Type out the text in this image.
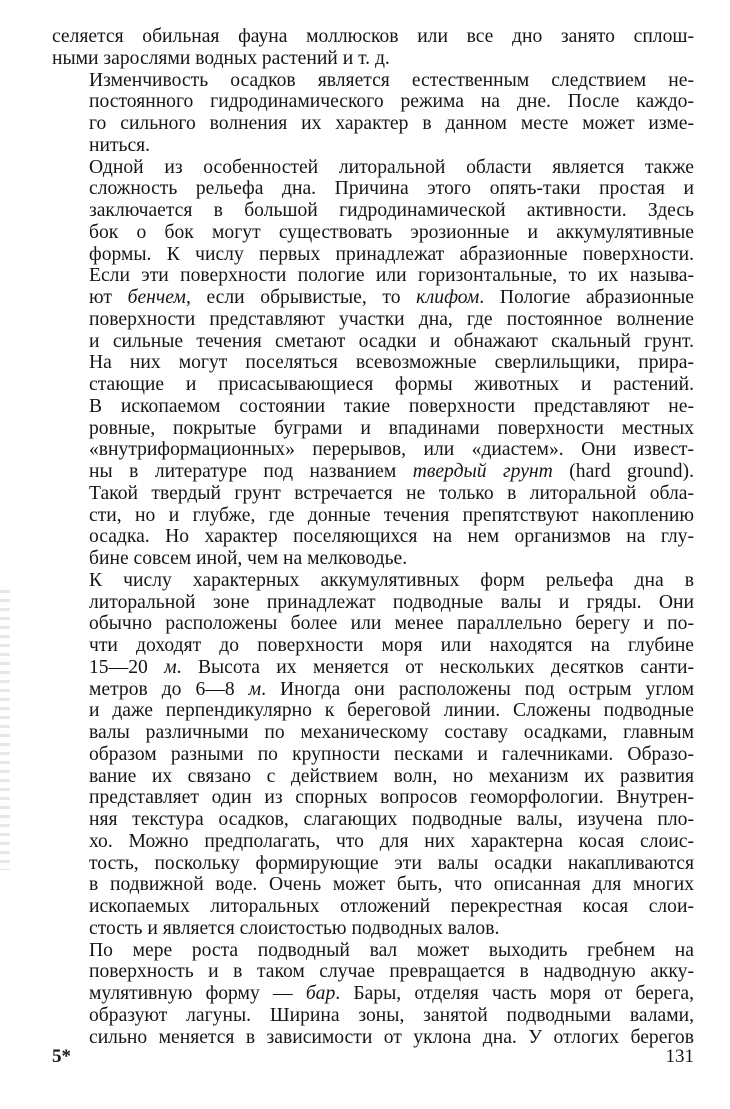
селяется обильная фауна моллюсков или все дно занято сплош-
ными зарослями водных растений и т. д.
Изменчивость осадков является естественным следствием не-
постоянного гидродинамического режима на дне. После каждо-
го сильного волнения их характер в данном месте может изме-
ниться.
Одной из особенностей литоральной области является также
сложность рельефа дна. Причина этого опять-таки простая и
заключается в большой гидродинамической активности. Здесь
бок о бок могут существовать эрозионные и аккумулятивные
формы. К числу первых принадлежат абразионные поверхности.
Если эти поверхности пологие или горизонтальные, то их называ-
ют бенчем, если обрывистые, то клифом. Пологие абразионные
поверхности представляют участки дна, где постоянное волнение
и сильные течения сметают осадки и обнажают скальный грунт.
На них могут поселяться всевозможные сверлильщики, прира-
стающие и присасывающиеся формы животных и растений.
В ископаемом состоянии такие поверхности представляют не-
ровные, покрытые буграми и впадинами поверхности местных
«внутриформационных» перерывов, или «диастем». Они извест-
ны в литературе под названием твердый грунт (hard ground).
Такой твердый грунт встречается не только в литоральной обла-
сти, но и глубже, где донные течения препятствуют накоплению
осадка. Но характер поселяющихся на нем организмов на глу-
бине совсем иной, чем на мелководье.
К числу характерных аккумулятивных форм рельефа дна в
литоральной зоне принадлежат подводные валы и гряды. Они
обычно расположены более или менее параллельно берегу и по-
чти доходят до поверхности моря или находятся на глубине
15—20 м. Высота их меняется от нескольких десятков санти-
метров до 6—8 м. Иногда они расположены под острым углом
и даже перпендикулярно к береговой линии. Сложены подводные
валы различными по механическому составу осадками, главным
образом разными по крупности песками и галечниками. Образо-
вание их связано с действием волн, но механизм их развития
представляет один из спорных вопросов геоморфологии. Внутрен-
няя текстура осадков, слагающих подводные валы, изучена пло-
хо. Можно предполагать, что для них характерна косая слоис-
тость, поскольку формирующие эти валы осадки накапливаются
в подвижной воде. Очень может быть, что описанная для многих
ископаемых литоральных отложений перекрестная косая слои-
стость и является слоистостью подводных валов.
По мере роста подводный вал может выходить гребнем на
поверхность и в таком случае превращается в надводную акку-
мулятивную форму — бар. Бары, отделяя часть моря от берега,
образуют лагуны. Ширина зоны, занятой подводными валами,
сильно меняется в зависимости от уклона дна. У отлогих берегов
5*	131
